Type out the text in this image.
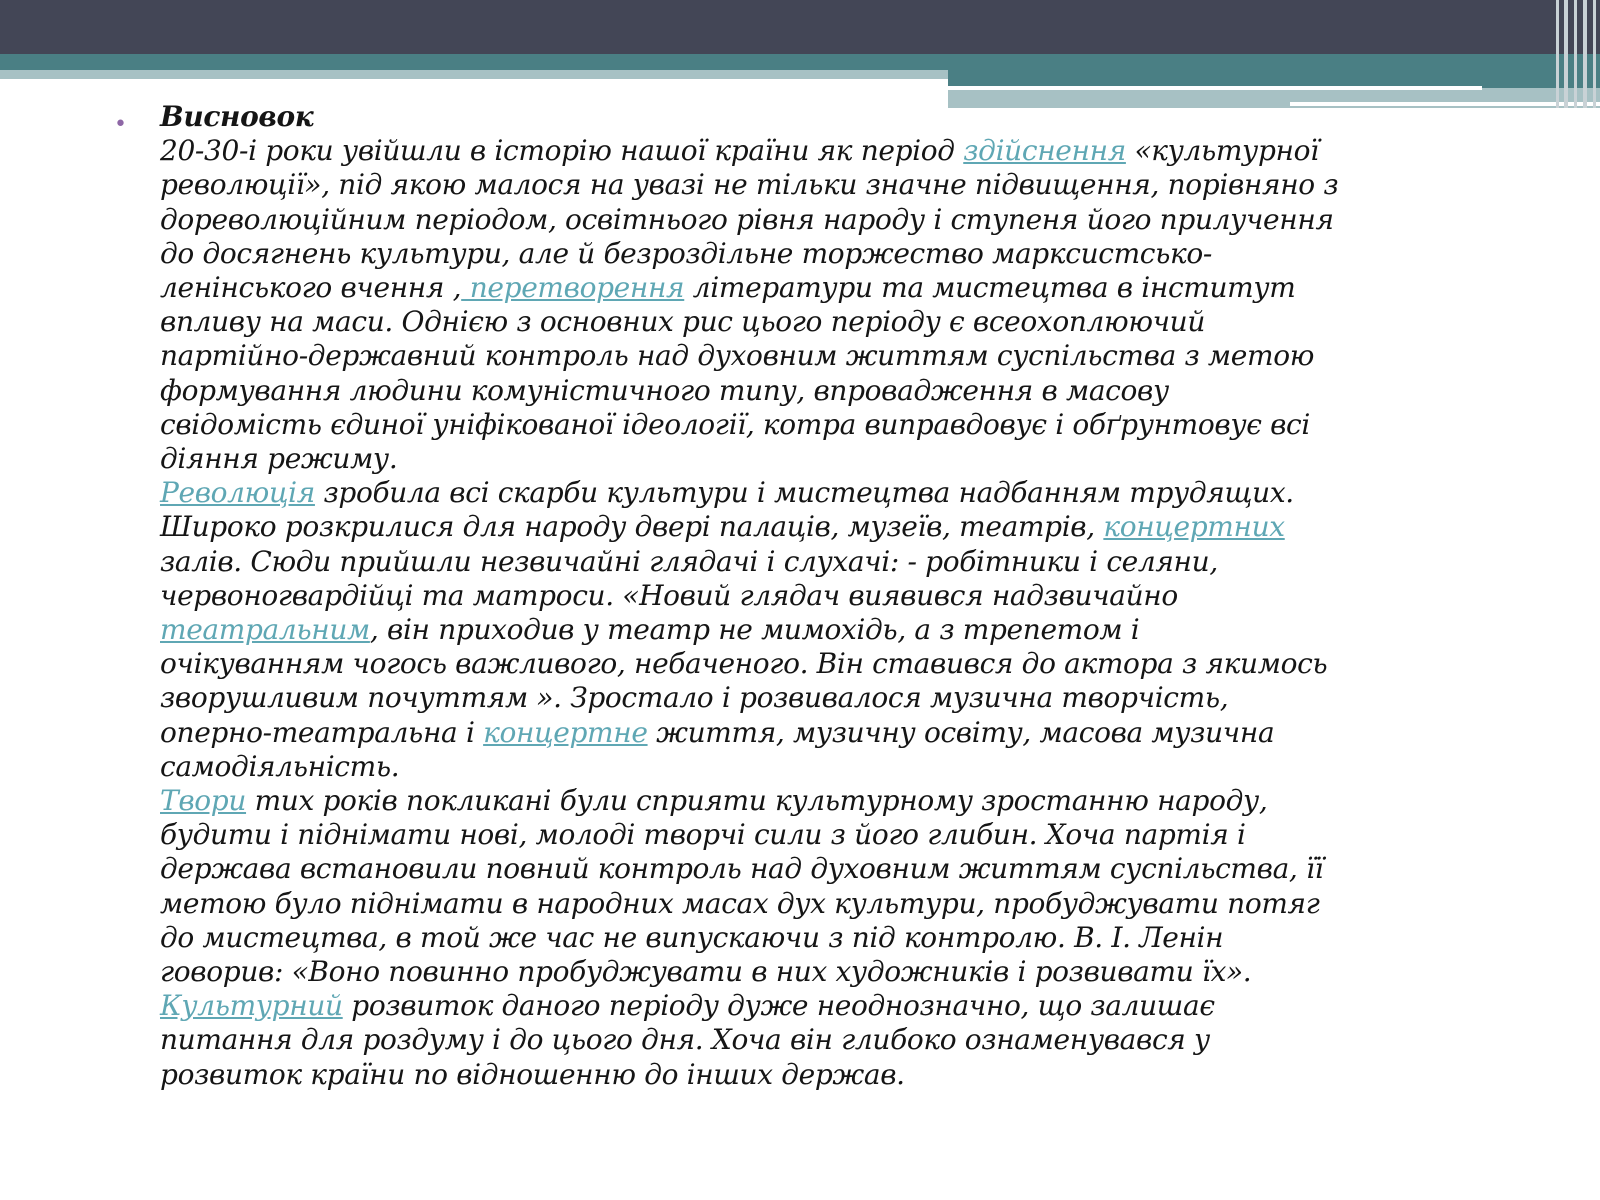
• Висновок
20-30-і роки увійшли в історію нашої країни як період здійснення «культурної
революції», під якою малося на увазі не тільки значне підвищення, порівняно з
дореволюційним періодом, освітнього рівня народу і ступеня його прилучення
до досягнень культури, але й безроздільне торжество марксистсько-
ленінського вчення , перетворення літератури та мистецтва в інститут
впливу на маси. Однією з основних рис цього періоду є всеохоплюючий
партійно-державний контроль над духовним життям суспільства з метою
формування людини комуністичного типу, впровадження в масову
свідомість єдиної уніфікованої ідеології, котра виправдовує і обґрунтовує всі
діяння режиму.
Революція зробила всі скарби культури і мистецтва надбанням трудящих.
Широко розкрилися для народу двері палаців, музеїв, театрів, концертних
залів. Сюди прийшли незвичайні глядачі і слухачі: - робітники і селяни,
червоногвардійці та матроси. «Новий глядач виявився надзвичайно
театральним, він приходив у театр не мимохідь, а з трепетом і
очікуванням чогось важливого, небаченого. Він ставився до актора з якимось
зворушливим почуттям ». Зростало і розвивалося музична творчість,
оперно-театральна і концертне життя, музичну освіту, масова музична
самодіяльність.
Твори тих років покликані були сприяти культурному зростанню народу,
будити і піднімати нові, молоді творчі сили з його глибин. Хоча партія і
держава встановили повний контроль над духовним життям суспільства, її
метою було піднімати в народних масах дух культури, пробуджувати потяг
до мистецтва, в той же час не випускаючи з під контролю. В. І. Ленін
говорив: «Воно повинно пробуджувати в них художників і розвивати їх».
Культурний розвиток даного періоду дуже неоднозначно, що залишає
питання для роздуму і до цього дня. Хоча він глибоко ознаменувався у
розвиток країни по відношенню до інших держав.
